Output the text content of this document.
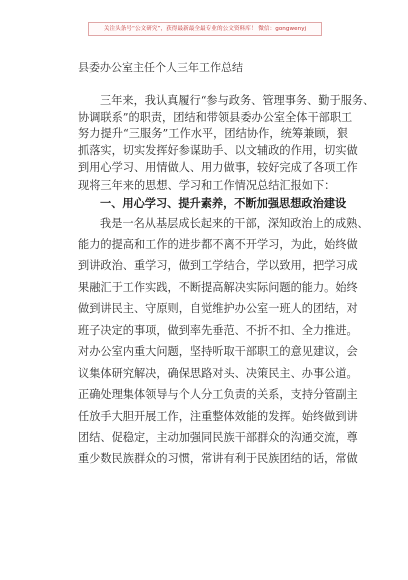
关注头条号“公文研究”，获得最新最全最专业的公文资料库！ 微信：gongwenyj
县委办公室主任个人三年工作总结
三年来，我认真履行“参与政务、管理事务、勤于服务、
协调联系”的职责，团结和带领县委办公室全体干部职工
努力提升“三服务”工作水平，团结协作，统筹兼顾，狠
抓落实，切实发挥好参谋助手、以文辅政的作用，切实做
到用心学习、用情做人、用力做事，较好完成了各项工作
现将三年来的思想、学习和工作情况总结汇报如下：
一、用心学习、提升素养，不断加强思想政治建设
我是一名从基层成长起来的干部，深知政治上的成熟、
能力的提高和工作的进步都不离不开学习，为此，始终做
到讲政治、重学习，做到工学结合，学以致用，把学习成
果融汇于工作实践，不断提高解决实际问题的能力。始终
做到讲民主、守原则，自觉维护办公室一班人的团结，对
班子决定的事项，做到率先垂范、不折不扣、全力推进。
对办公室内重大问题，坚持听取干部职工的意见建议，会
议集体研究解决，确保思路对头、决策民主、办事公道。
正确处理集体领导与个人分工负责的关系，支持分管副主
任放手大胆开展工作，注重整体效能的发挥。始终做到讲
团结、促稳定，主动加强同民族干部群众的沟通交流，尊
重少数民族群众的习惯，常讲有利于民族团结的话，常做
